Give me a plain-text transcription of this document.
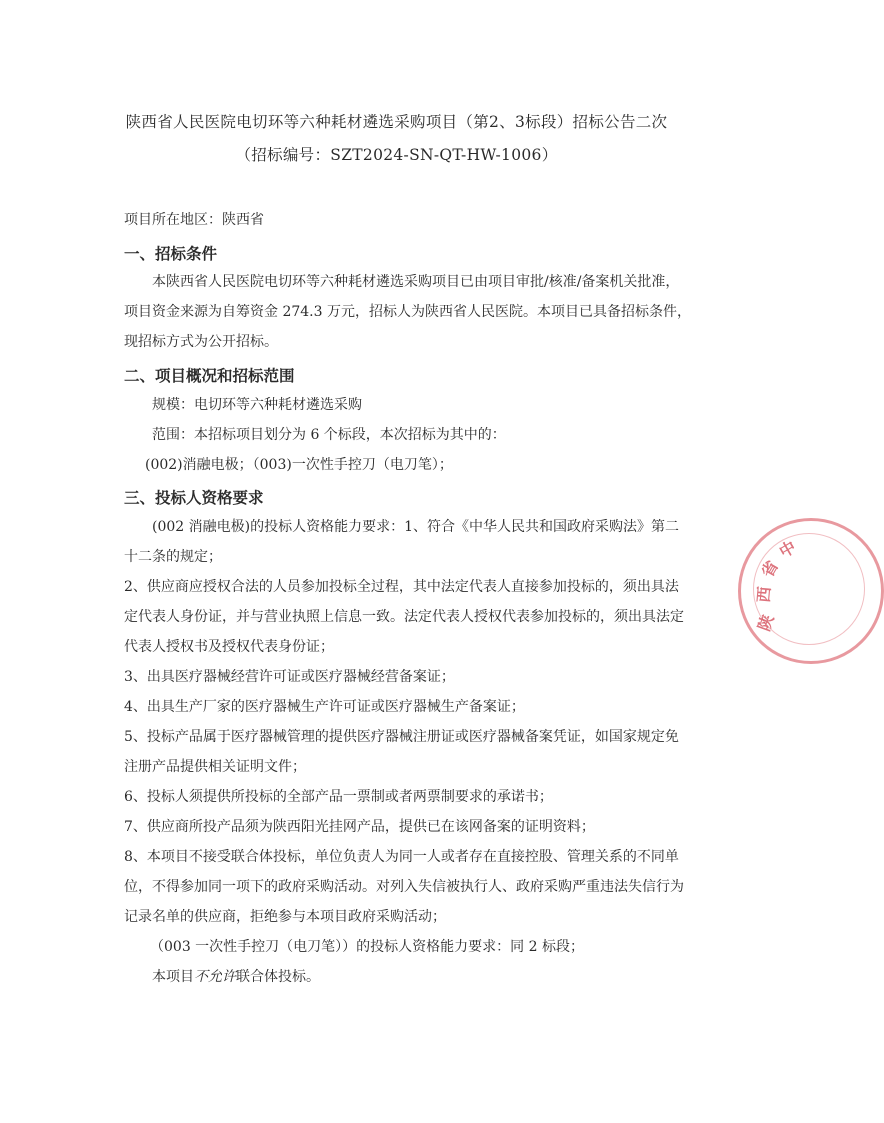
陕西省人民医院电切环等六种耗材遴选采购项目（第2、3标段）招标公告二次
（招标编号：SZT2024-SN-QT-HW-1006）
项目所在地区：陕西省
一、招标条件
本陕西省人民医院电切环等六种耗材遴选采购项目已由项目审批/核准/备案机关批准，
项目资金来源为自筹资金 274.3 万元，招标人为陕西省人民医院。本项目已具备招标条件，
现招标方式为公开招标。
二、项目概况和招标范围
规模：电切环等六种耗材遴选采购
范围：本招标项目划分为 6 个标段，本次招标为其中的：
(002)消融电极；（003)一次性手控刀（电刀笔）；
三、投标人资格要求
(002 消融电极)的投标人资格能力要求：1、符合《中华人民共和国政府采购法》第二
十二条的规定；
2、供应商应授权合法的人员参加投标全过程，其中法定代表人直接参加投标的，须出具法
定代表人身份证，并与营业执照上信息一致。法定代表人授权代表参加投标的，须出具法定
代表人授权书及授权代表身份证；
3、出具医疗器械经营许可证或医疗器械经营备案证；
4、出具生产厂家的医疗器械生产许可证或医疗器械生产备案证；
5、投标产品属于医疗器械管理的提供医疗器械注册证或医疗器械备案凭证，如国家规定免
注册产品提供相关证明文件；
6、投标人须提供所投标的全部产品一票制或者两票制要求的承诺书；
7、供应商所投产品须为陕西阳光挂网产品，提供已在该网备案的证明资料；
8、本项目不接受联合体投标，单位负责人为同一人或者存在直接控股、管理关系的不同单
位，不得参加同一项下的政府采购活动。对列入失信被执行人、政府采购严重违法失信行为
记录名单的供应商，拒绝参与本项目政府采购活动；
（003 一次性手控刀（电刀笔））的投标人资格能力要求：同 2 标段；
本项目不允许联合体投标。
陕
西
省
中
